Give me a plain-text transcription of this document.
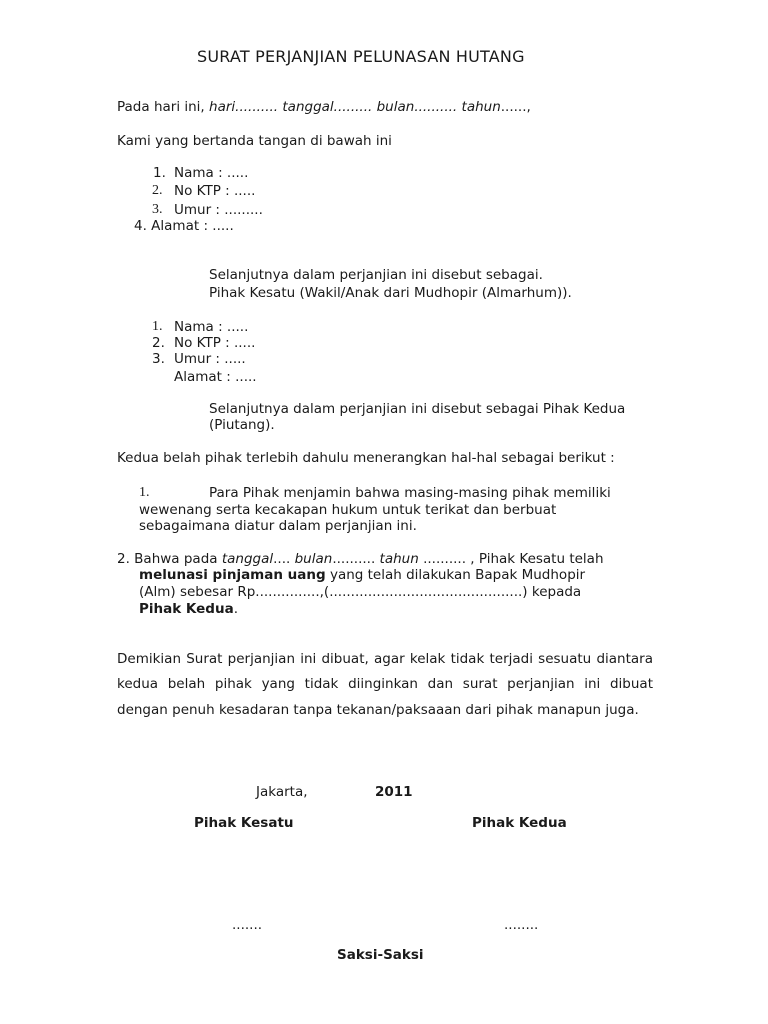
SURAT PERJANJIAN PELUNASAN HUTANG
Pada hari ini, hari.......... tanggal......... bulan.......... tahun......,
Kami yang bertanda tangan di bawah ini
1. Nama : .....
2. No KTP : .....
3. Umur : .........
4. Alamat : .....
Selanjutnya dalam perjanjian ini disebut sebagai.
Pihak Kesatu (Wakil/Anak dari Mudhopir (Almarhum)).
1. Nama : .....
2. No KTP : .....
3. Umur : .....
Alamat : .....
Selanjutnya dalam perjanjian ini disebut sebagai Pihak Kedua
(Piutang).
Kedua belah pihak terlebih dahulu menerangkan hal-hal sebagai berikut :
1.	Para Pihak menjamin bahwa masing-masing pihak memiliki
wewenang serta kecakapan hukum untuk terikat dan berbuat
sebagaimana diatur dalam perjanjian ini.
2. Bahwa pada tanggal.... bulan.......... tahun .......... , Pihak Kesatu telah
melunasi pinjaman uang yang telah dilakukan Bapak Mudhopir
(Alm) sebesar Rp...............,(.............................................) kepada
Pihak Kedua.
Demikian Surat perjanjian ini dibuat, agar kelak tidak terjadi sesuatu diantara kedua belah pihak yang tidak diinginkan dan surat perjanjian ini dibuat dengan penuh kesadaran tanpa tekanan/paksaaan dari pihak manapun juga.
Jakarta,	2011
Pihak Kesatu	Pihak Kedua
.......	........
Saksi-Saksi
